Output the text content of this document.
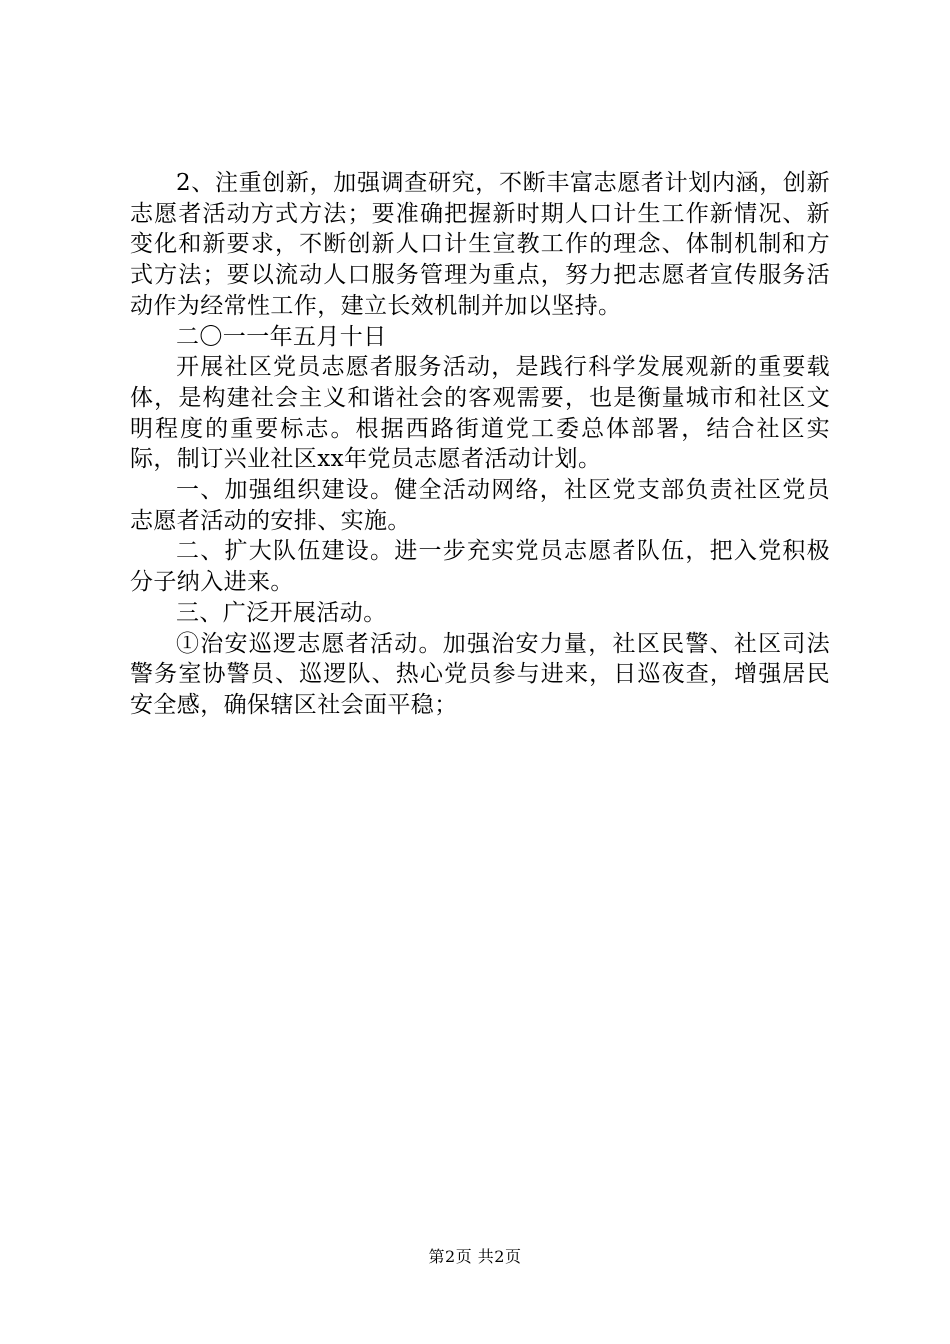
2、注重创新，加强调查研究，不断丰富志愿者计划内涵，创新志愿者活动方式方法；要准确把握新时期人口计生工作新情况、新变化和新要求，不断创新人口计生宣教工作的理念、体制机制和方式方法；要以流动人口服务管理为重点，努力把志愿者宣传服务活动作为经常性工作，建立长效机制并加以坚持。

二〇一一年五月十日

开展社区党员志愿者服务活动，是践行科学发展观新的重要载体，是构建社会主义和谐社会的客观需要，也是衡量城市和社区文明程度的重要标志。根据西路街道党工委总体部署，结合社区实际，制订兴业社区xx年党员志愿者活动计划。

一、加强组织建设。健全活动网络，社区党支部负责社区党员志愿者活动的安排、实施。

二、扩大队伍建设。进一步充实党员志愿者队伍，把入党积极分子纳入进来。

三、广泛开展活动。

①治安巡逻志愿者活动。加强治安力量，社区民警、社区司法警务室协警员、巡逻队、热心党员参与进来，日巡夜查，增强居民安全感，确保辖区社会面平稳；

第2页 共2页
